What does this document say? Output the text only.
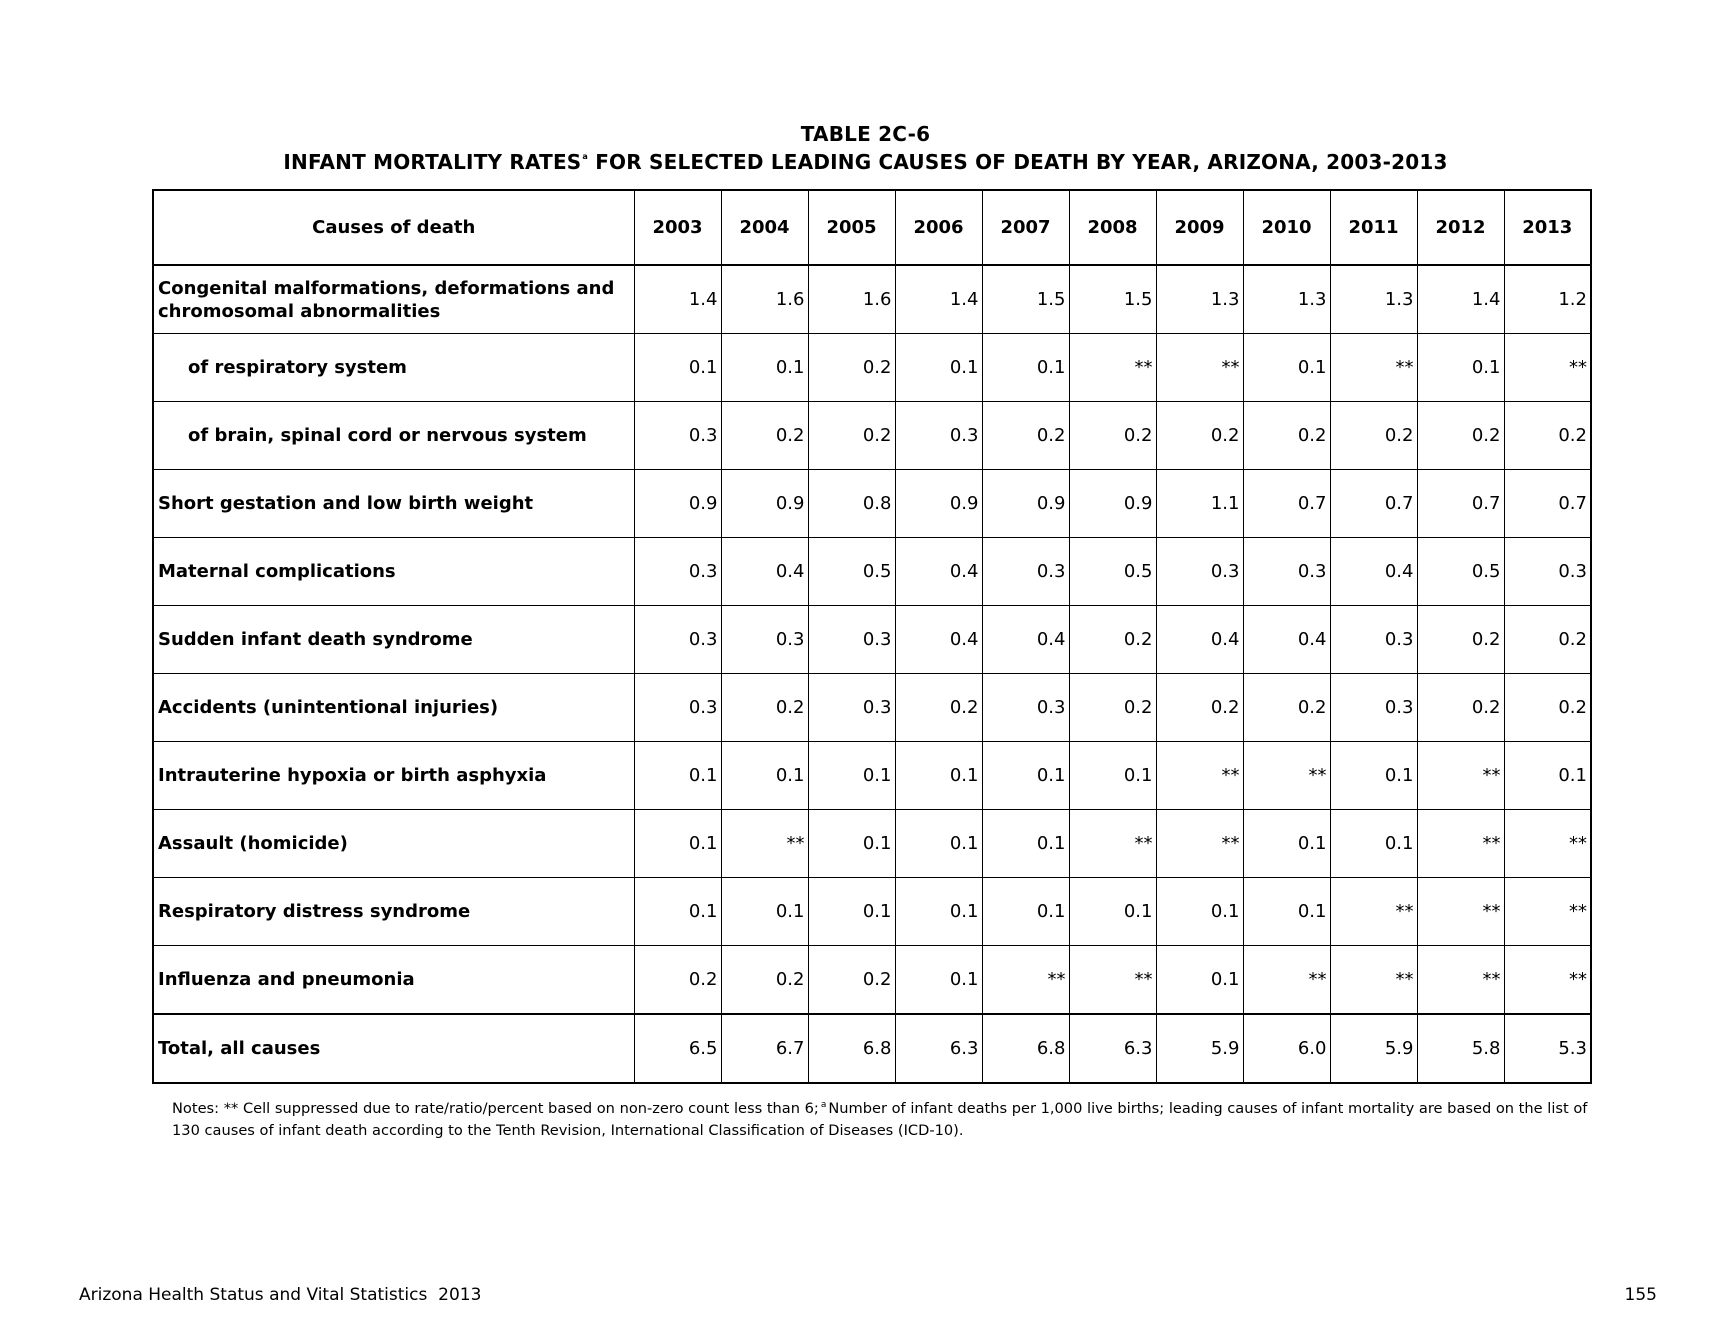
TABLE 2C-6
INFANT MORTALITY RATES$^a$ FOR SELECTED LEADING CAUSES OF DEATH BY YEAR, ARIZONA, 2003-2013
Causes of death	2003	2004	2005	2006	2007	2008	2009	2010	2011	2012	2013
Congenital malformations, deformations and chromosomal abnormalities	1.4	1.6	1.6	1.4	1.5	1.5	1.3	1.3	1.3	1.4	1.2
of respiratory system	0.1	0.1	0.2	0.1	0.1	**	**	0.1	**	0.1	**
of brain, spinal cord or nervous system	0.3	0.2	0.2	0.3	0.2	0.2	0.2	0.2	0.2	0.2	0.2
Short gestation and low birth weight	0.9	0.9	0.8	0.9	0.9	0.9	1.1	0.7	0.7	0.7	0.7
Maternal complications	0.3	0.4	0.5	0.4	0.3	0.5	0.3	0.3	0.4	0.5	0.3
Sudden infant death syndrome	0.3	0.3	0.3	0.4	0.4	0.2	0.4	0.4	0.3	0.2	0.2
Accidents (unintentional injuries)	0.3	0.2	0.3	0.2	0.3	0.2	0.2	0.2	0.3	0.2	0.2
Intrauterine hypoxia or birth asphyxia	0.1	0.1	0.1	0.1	0.1	0.1	**	**	0.1	**	0.1
Assault (homicide)	0.1	**	0.1	0.1	0.1	**	**	0.1	0.1	**	**
Respiratory distress syndrome	0.1	0.1	0.1	0.1	0.1	0.1	0.1	0.1	**	**	**
Influenza and pneumonia	0.2	0.2	0.2	0.1	**	**	0.1	**	**	**	**
Total, all causes	6.5	6.7	6.8	6.3	6.8	6.3	5.9	6.0	5.9	5.8	5.3
Notes: ** Cell suppressed due to rate/ratio/percent based on non-zero count less than 6; $^a$ Number of infant deaths per 1,000 live births; leading causes of infant mortality are based on the list of 130 causes of infant death according to the Tenth Revision, International Classification of Diseases (ICD-10).
Arizona Health Status and Vital Statistics  2013	155
